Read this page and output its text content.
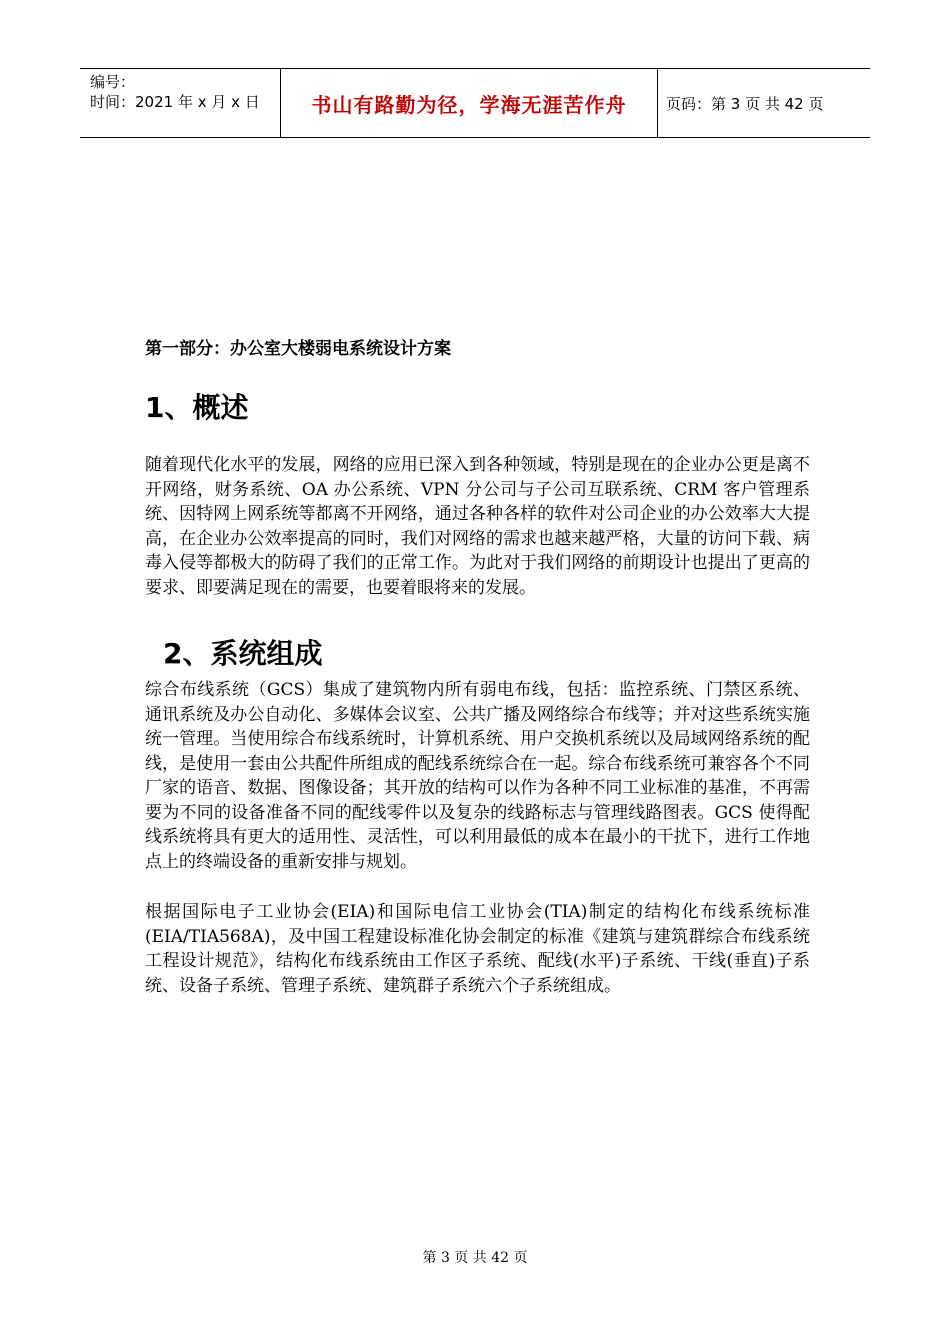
编号：
时间：2021 年 x 月 x 日	书山有路勤为径，学海无涯苦作舟	页码：第 3 页 共 42 页
第一部分：办公室大楼弱电系统设计方案
1、概述

随着现代化水平的发展，网络的应用已深入到各种领域，特别是现在的企业办公更是离不开网络，财务系统、OA 办公系统、VPN 分公司与子公司互联系统、CRM 客户管理系统、因特网上网系统等都离不开网络，通过各种各样的软件对公司企业的办公效率大大提高，在企业办公效率提高的同时，我们对网络的需求也越来越严格，大量的访问下载、病毒入侵等都极大的防碍了我们的正常工作。为此对于我们网络的前期设计也提出了更高的要求、即要满足现在的需要，也要着眼将来的发展。

2、系统组成

综合布线系统（GCS）集成了建筑物内所有弱电布线，包括：监控系统、门禁区系统、通讯系统及办公自动化、多媒体会议室、公共广播及网络综合布线等；并对这些系统实施统一管理。当使用综合布线系统时，计算机系统、用户交换机系统以及局域网络系统的配线，是使用一套由公共配件所组成的配线系统综合在一起。综合布线系统可兼容各个不同厂家的语音、数据、图像设备；其开放的结构可以作为各种不同工业标准的基准，不再需要为不同的设备准备不同的配线零件以及复杂的线路标志与管理线路图表。GCS 使得配线系统将具有更大的适用性、灵活性，可以利用最低的成本在最小的干扰下，进行工作地点上的终端设备的重新安排与规划。

根据国际电子工业协会(EIA)和国际电信工业协会(TIA)制定的结构化布线系统标准(EIA/TIA568A)，及中国工程建设标准化协会制定的标准《建筑与建筑群综合布线系统工程设计规范》，结构化布线系统由工作区子系统、配线(水平)子系统、干线(垂直)子系统、设备子系统、管理子系统、建筑群子系统六个子系统组成。

第 3 页 共 42 页
